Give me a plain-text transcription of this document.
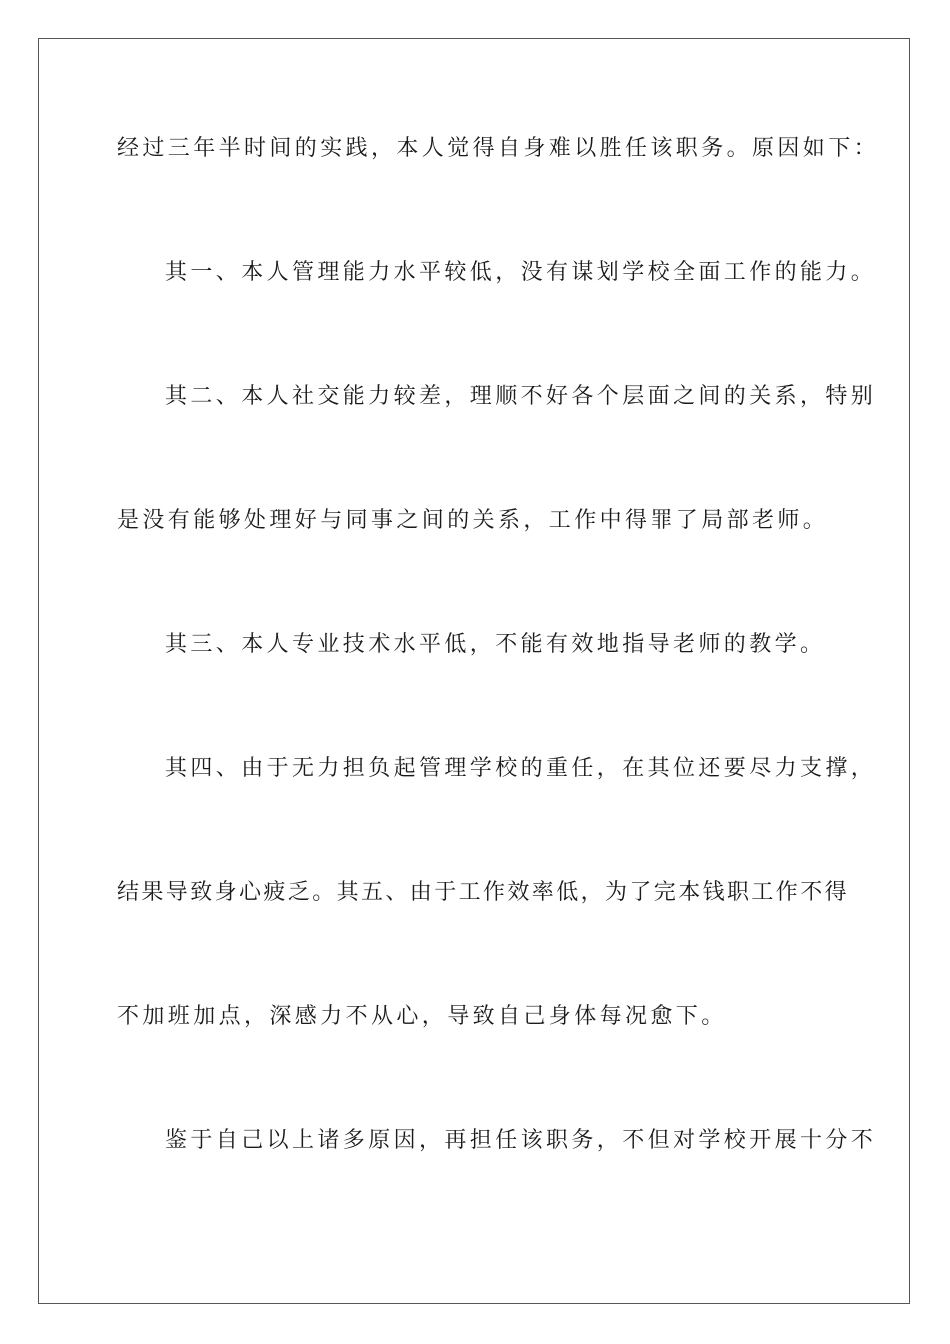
经过三年半时间的实践，本人觉得自身难以胜任该职务。原因如下：
其一、本人管理能力水平较低，没有谋划学校全面工作的能力。
其二、本人社交能力较差，理顺不好各个层面之间的关系，特别
是没有能够处理好与同事之间的关系，工作中得罪了局部老师。
其三、本人专业技术水平低，不能有效地指导老师的教学。
其四、由于无力担负起管理学校的重任，在其位还要尽力支撑，
结果导致身心疲乏。其五、由于工作效率低，为了完本钱职工作不得
不加班加点，深感力不从心，导致自己身体每况愈下。
鉴于自己以上诸多原因，再担任该职务，不但对学校开展十分不
